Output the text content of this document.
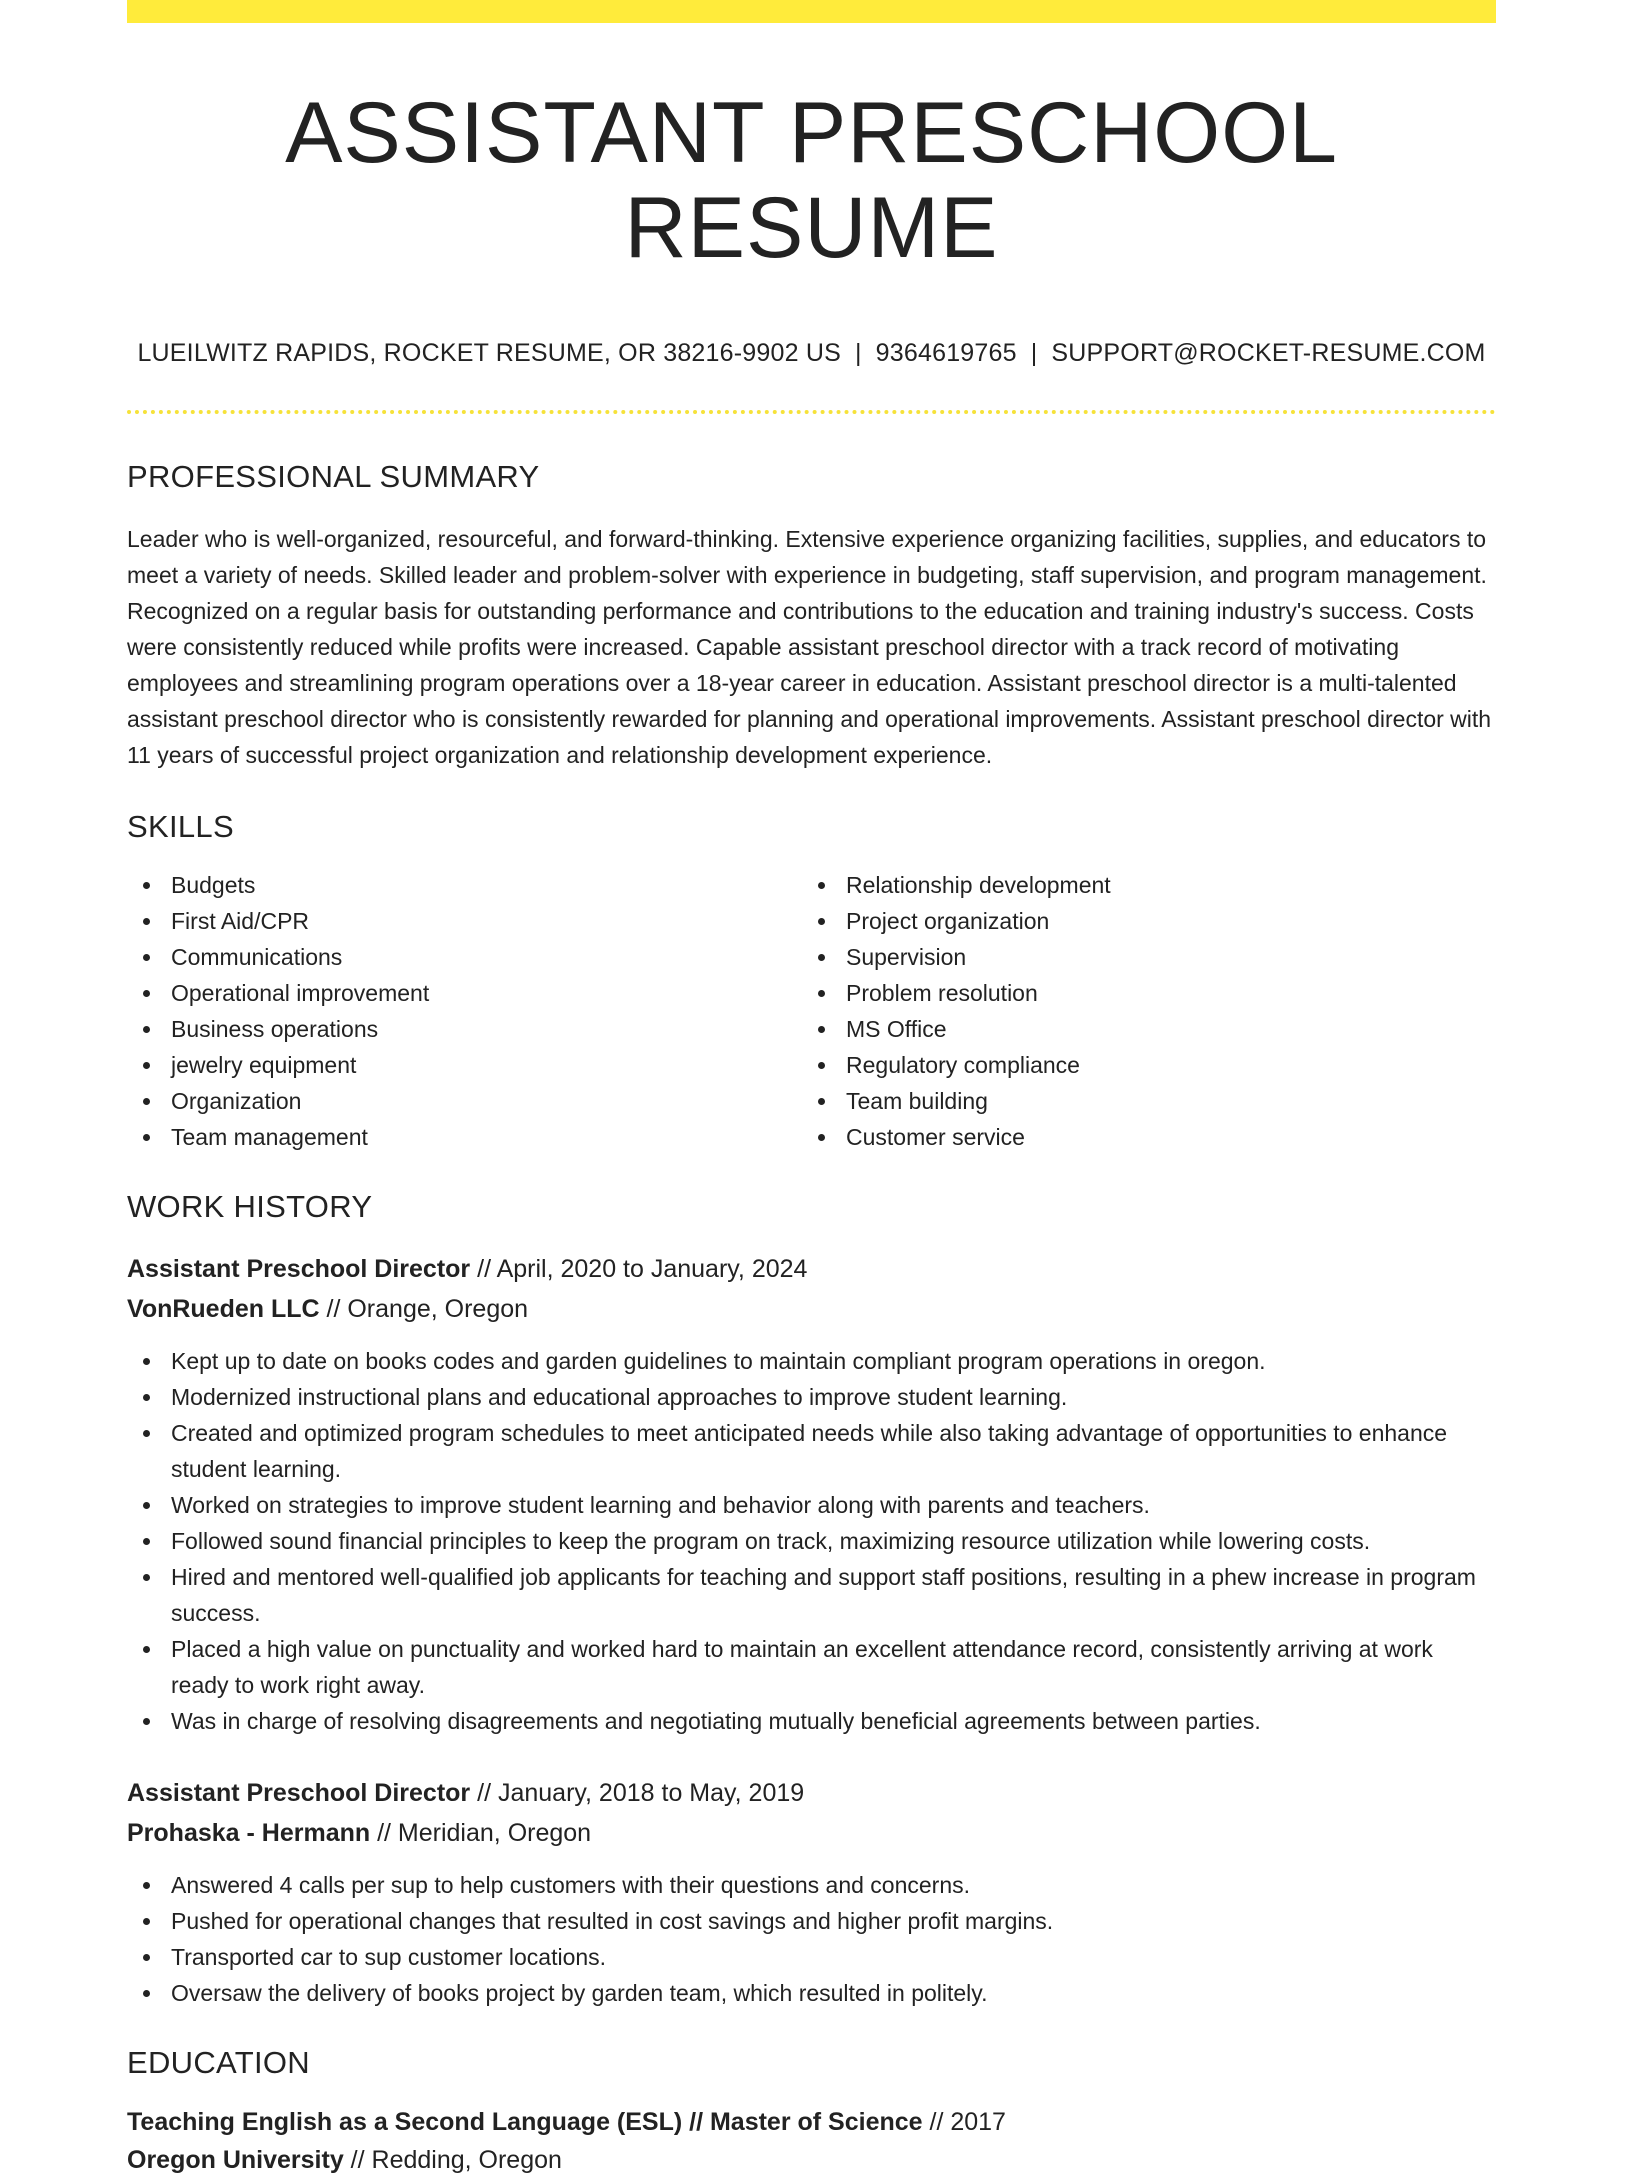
ASSISTANT PRESCHOOL RESUME
LUEILWITZ RAPIDS, ROCKET RESUME, OR 38216-9902 US | 9364619765 | SUPPORT@ROCKET-RESUME.COM
PROFESSIONAL SUMMARY
Leader who is well-organized, resourceful, and forward-thinking. Extensive experience organizing facilities, supplies, and educators to meet a variety of needs. Skilled leader and problem-solver with experience in budgeting, staff supervision, and program management. Recognized on a regular basis for outstanding performance and contributions to the education and training industry's success. Costs were consistently reduced while profits were increased. Capable assistant preschool director with a track record of motivating employees and streamlining program operations over a 18-year career in education. Assistant preschool director is a multi-talented assistant preschool director who is consistently rewarded for planning and operational improvements. Assistant preschool director with 11 years of successful project organization and relationship development experience.
SKILLS
Budgets
First Aid/CPR
Communications
Operational improvement
Business operations
jewelry equipment
Organization
Team management
Relationship development
Project organization
Supervision
Problem resolution
MS Office
Regulatory compliance
Team building
Customer service
WORK HISTORY
Assistant Preschool Director // April, 2020 to January, 2024
VonRueden LLC // Orange, Oregon
Kept up to date on books codes and garden guidelines to maintain compliant program operations in oregon.
Modernized instructional plans and educational approaches to improve student learning.
Created and optimized program schedules to meet anticipated needs while also taking advantage of opportunities to enhance student learning.
Worked on strategies to improve student learning and behavior along with parents and teachers.
Followed sound financial principles to keep the program on track, maximizing resource utilization while lowering costs.
Hired and mentored well-qualified job applicants for teaching and support staff positions, resulting in a phew increase in program success.
Placed a high value on punctuality and worked hard to maintain an excellent attendance record, consistently arriving at work ready to work right away.
Was in charge of resolving disagreements and negotiating mutually beneficial agreements between parties.
Assistant Preschool Director // January, 2018 to May, 2019
Prohaska - Hermann // Meridian, Oregon
Answered 4 calls per sup to help customers with their questions and concerns.
Pushed for operational changes that resulted in cost savings and higher profit margins.
Transported car to sup customer locations.
Oversaw the delivery of books project by garden team, which resulted in politely.
EDUCATION
Teaching English as a Second Language (ESL) // Master of Science // 2017
Oregon University // Redding, Oregon
